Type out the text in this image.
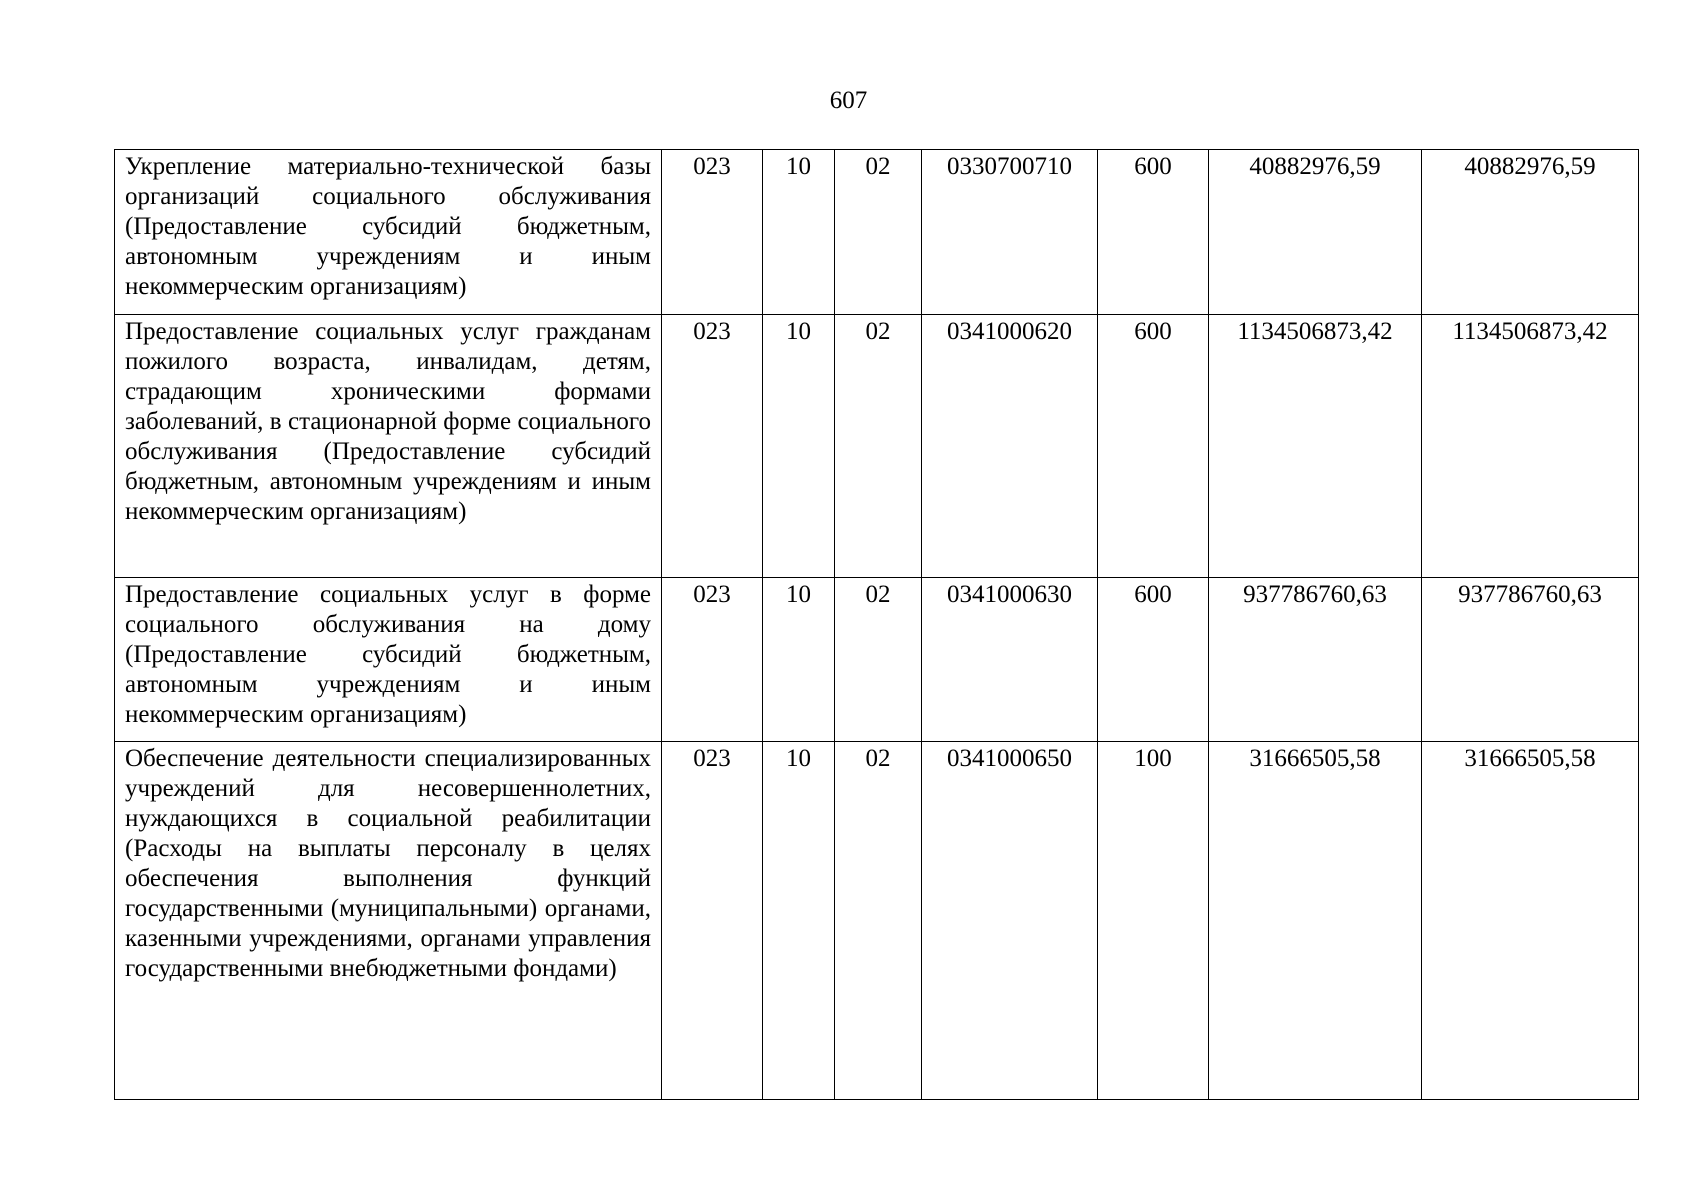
607
Укрепление материально-технической базы организаций социального обслуживания (Предоставление субсидий бюджетным, автономным учреждениям и иным некоммерческим организациям)	023	10	02	0330700710	600	40882976,59	40882976,59
Предоставление социальных услуг гражданам пожилого возраста, инвалидам, детям, страдающим хроническими формами заболеваний, в стационарной форме социального обслуживания (Предоставление субсидий бюджетным, автономным учреждениям и иным некоммерческим организациям)	023	10	02	0341000620	600	1134506873,42	1134506873,42
Предоставление социальных услуг в форме социального обслуживания на дому (Предоставление субсидий бюджетным, автономным учреждениям и иным некоммерческим организациям)	023	10	02	0341000630	600	937786760,63	937786760,63
Обеспечение деятельности специализированных учреждений для несовершеннолетних, нуждающихся в социальной реабилитации (Расходы на выплаты персоналу в целях обеспечения выполнения функций государственными (муниципальными) органами, казенными учреждениями, органами управления государственными внебюджетными фондами)	023	10	02	0341000650	100	31666505,58	31666505,58
